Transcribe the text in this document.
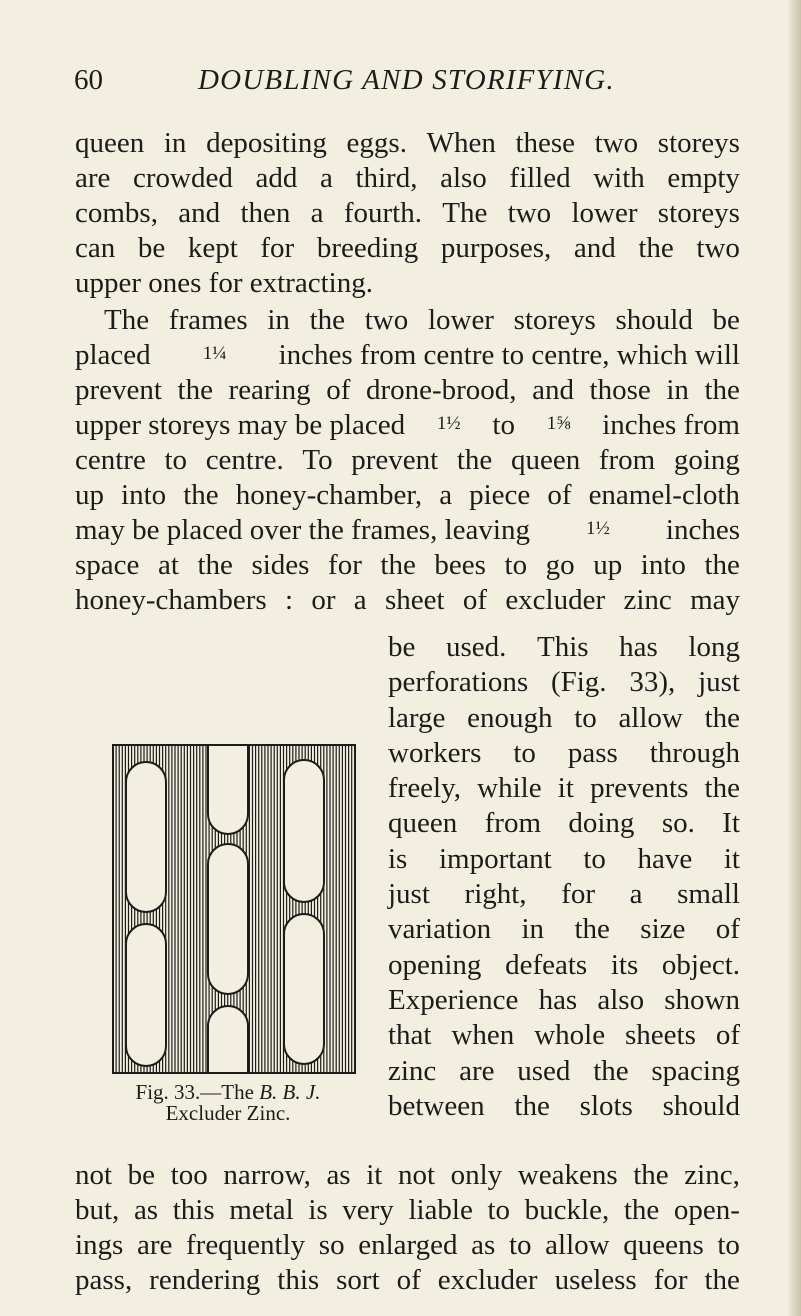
60	DOUBLING AND STORIFYING.
queen in depositing eggs. When these two storeys
are crowded add a third, also filled with empty
combs, and then a fourth. The two lower storeys
can be kept for breeding purposes, and the two
upper ones for extracting.
The frames in the two lower storeys should be
placed	1¼ inches from centre to centre, which will
prevent the rearing of drone-brood, and those in the
upper storeys may be placed 1½ to 1⅝ inches from
centre to centre. To prevent the queen from going
up into the honey-chamber, a piece of enamel-cloth
may be placed over the frames, leaving	1½ inches
space at the sides for the bees to go up into the
honey-chambers : or a sheet of excluder zinc may
Fig. 33.—The B. B. J.
Excluder Zinc.
be used. This has long
perforations (Fig. 33), just
large enough to allow the
workers to pass through
freely, while it prevents the
queen from doing so. It
is important to have it
just right, for a small
variation in the size of
opening defeats its object.
Experience has also shown
that when whole sheets of
zinc are used the spacing
between the slots should
not be too narrow, as it not only weakens the zinc,
but, as this metal is very liable to buckle, the open-
ings are frequently so enlarged as to allow queens to
pass, rendering this sort of excluder useless for the
